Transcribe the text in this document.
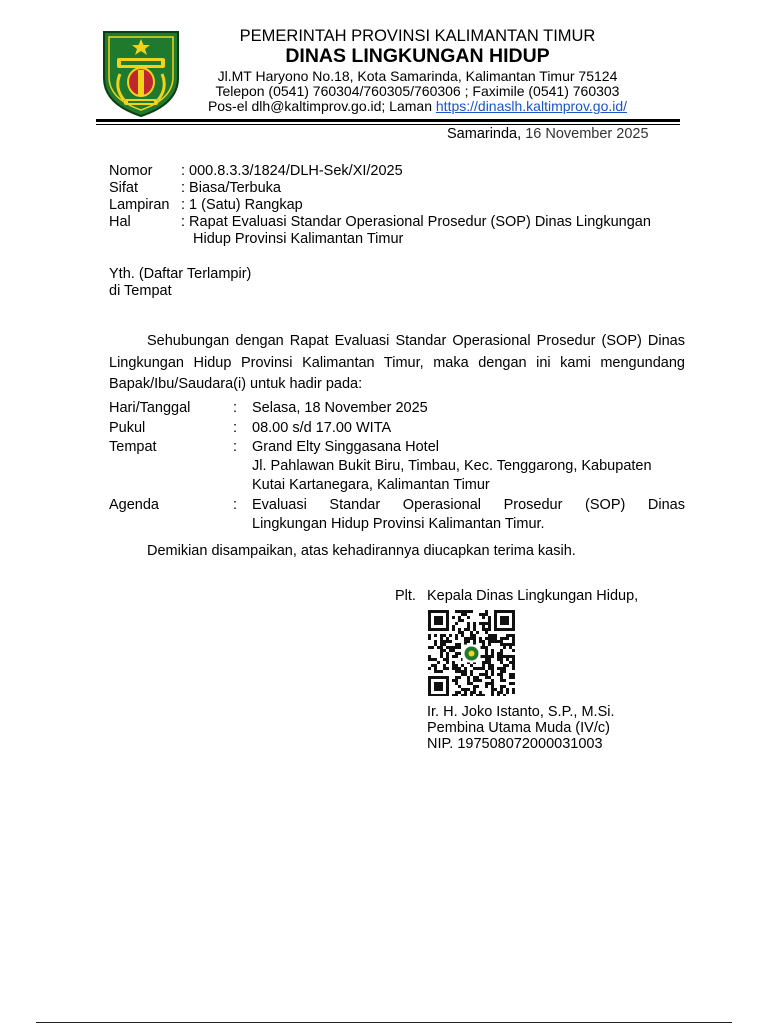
PEMERINTAH PROVINSI KALIMANTAN TIMUR
DINAS LINGKUNGAN HIDUP
Jl.MT Haryono No.18, Kota Samarinda, Kalimantan Timur 75124
Telepon (0541) 760304/760305/760306 ; Faximile (0541) 760303
Pos-el dlh@kaltimprov.go.id; Laman https://dinaslh.kaltimprov.go.id/
Samarinda, 16 November 2025
Nomor : 000.8.3.3/1824/DLH-Sek/XI/2025
Sifat	: Biasa/Terbuka
Lampiran : 1 (Satu) Rangkap
Hal	: Rapat Evaluasi Standar Operasional Prosedur (SOP) Dinas Lingkungan
Hidup Provinsi Kalimantan Timur
Yth. (Daftar Terlampir)
di Tempat
Sehubungan dengan Rapat Evaluasi Standar Operasional Prosedur (SOP) Dinas Lingkungan Hidup Provinsi Kalimantan Timur, maka dengan ini kami mengundang Bapak/Ibu/Saudara(i) untuk hadir pada:
Hari/Tanggal	: Selasa, 18 November 2025
Pukul	: 08.00 s/d 17.00 WITA
Tempat	: Grand Elty Singgasana Hotel
Jl. Pahlawan Bukit Biru, Timbau, Kec. Tenggarong, Kabupaten
Kutai Kartanegara, Kalimantan Timur
Agenda	: Evaluasi Standar Operasional Prosedur (SOP) Dinas
Lingkungan Hidup Provinsi Kalimantan Timur.
Demikian disampaikan, atas kehadirannya diucapkan terima kasih.
Plt. Kepala Dinas Lingkungan Hidup,
Ir. H. Joko Istanto, S.P., M.Si.
Pembina Utama Muda (IV/c)
NIP. 197508072000031003
